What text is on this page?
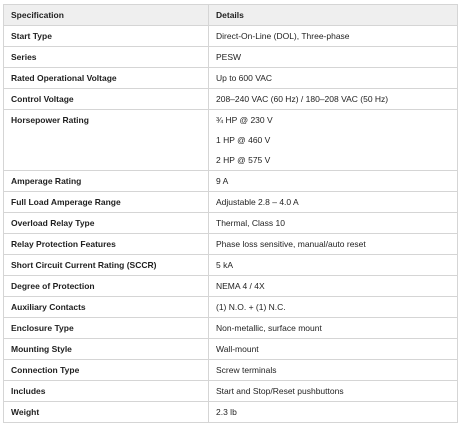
Specification	Details
Start Type	Direct-On-Line (DOL), Three-phase

Series	PESW

Rated Operational Voltage	Up to 600 VAC

Control Voltage	208–240 VAC (60 Hz) / 180–208 VAC (50 Hz)

Horsepower Rating	¾ HP @ 230 V
1 HP @ 460 V
2 HP @ 575 V

Amperage Rating	9 A

Full Load Amperage Range	Adjustable 2.8 – 4.0 A

Overload Relay Type	Thermal, Class 10

Relay Protection Features	Phase loss sensitive, manual/auto reset

Short Circuit Current Rating (SCCR)	5 kA

Degree of Protection	NEMA 4 / 4X

Auxiliary Contacts	(1) N.O. + (1) N.C.

Enclosure Type	Non-metallic, surface mount

Mounting Style	Wall-mount

Connection Type	Screw terminals

Includes	Start and Stop/Reset pushbuttons

Weight	2.3 lb
